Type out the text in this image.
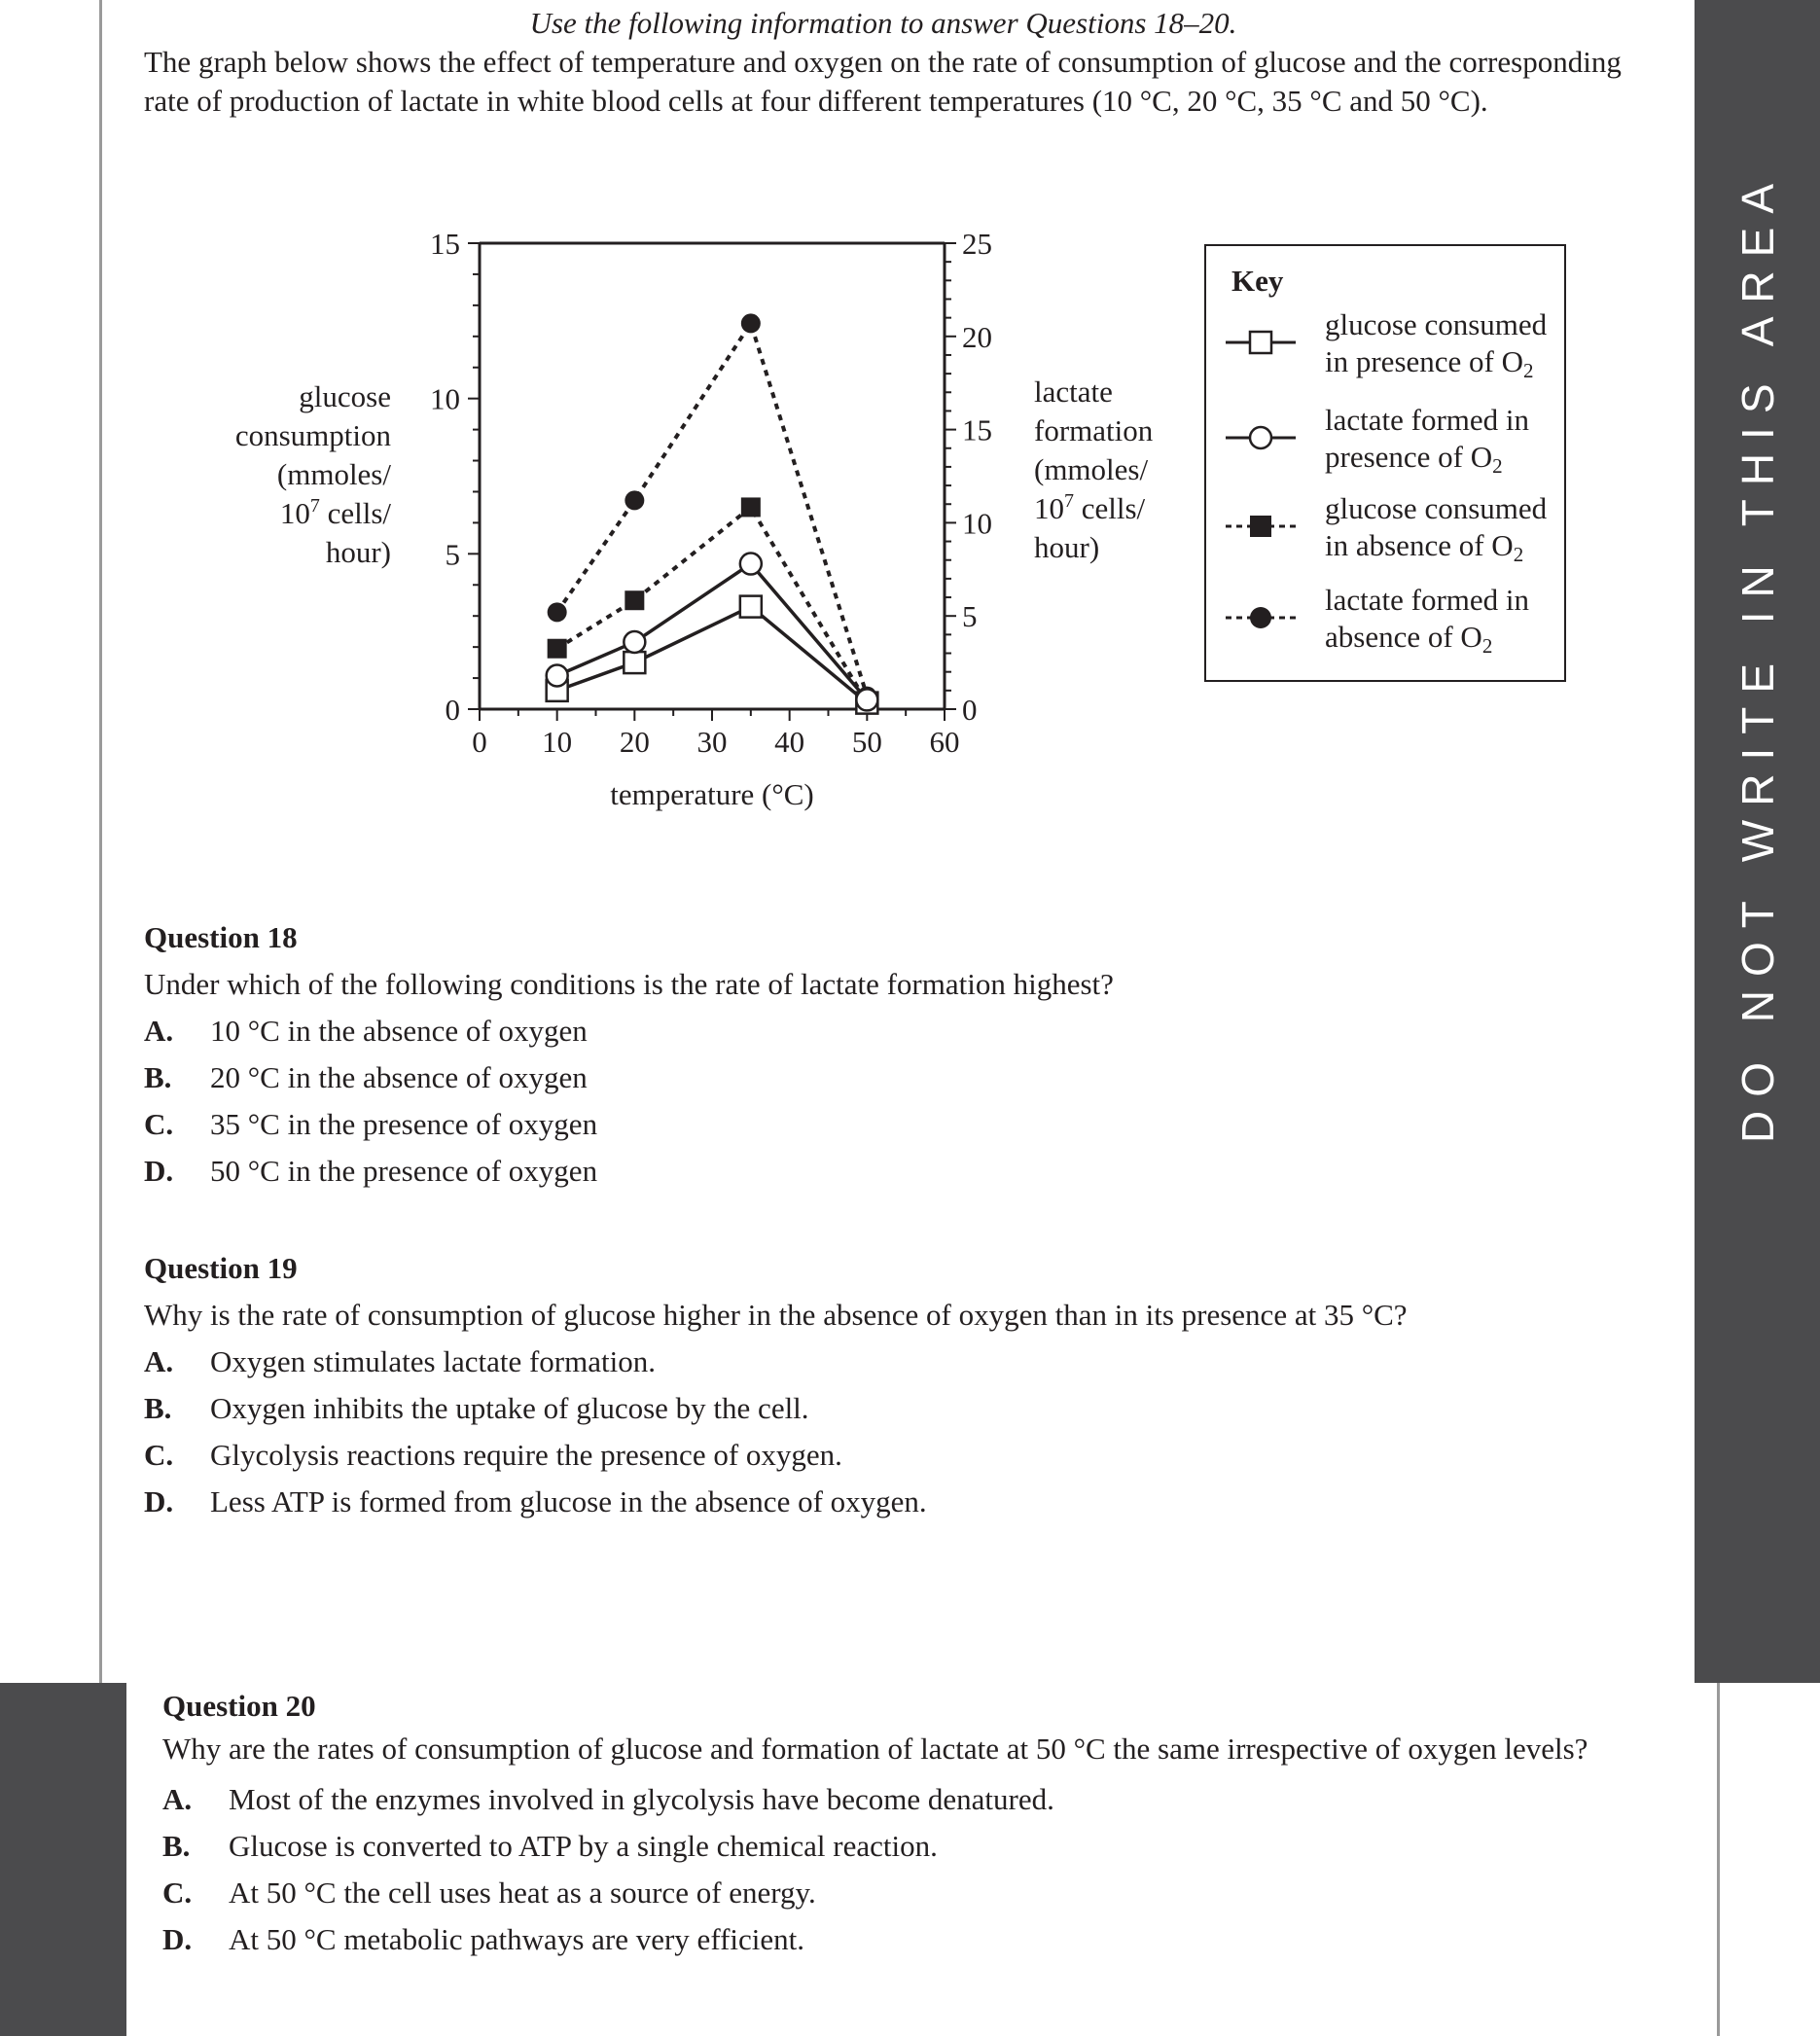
DO NOT WRITE IN THIS AREA

Use the following information to answer Questions 18–20.

The graph below shows the effect of temperature and oxygen on the rate of consumption of glucose and the corresponding rate of production of lactate in white blood cells at four different temperatures (10 °C, 20 °C, 35 °C and 50 °C).

0 10 20 30 40 50 60
0
5
10
15
0
5
10
15
20
25
temperature (°C)
glucose
consumption
(mmoles/
$10^7$ cells/
hour)
lactate
formation
(mmoles/
$10^7$ cells/
hour)
Key
glucose consumed in presence of $O_2$
lactate formed in presence of $O_2$
glucose consumed in absence of $O_2$
lactate formed in absence of $O_2$
Question 18
Under which of the following conditions is the rate of lactate formation highest?
A. 10 °C in the absence of oxygen
B. 20 °C in the absence of oxygen
C. 35 °C in the presence of oxygen
D. 50 °C in the presence of oxygen
Question 19
Why is the rate of consumption of glucose higher in the absence of oxygen than in its presence at 35 °C?
A. Oxygen stimulates lactate formation.
B. Oxygen inhibits the uptake of glucose by the cell.
C. Glycolysis reactions require the presence of oxygen.
D. Less ATP is formed from glucose in the absence of oxygen.
Question 20
Why are the rates of consumption of glucose and formation of lactate at 50 °C the same irrespective of oxygen levels?
A. Most of the enzymes involved in glycolysis have become denatured.
B. Glucose is converted to ATP by a single chemical reaction.
C. At 50 °C the cell uses heat as a source of energy.
D. At 50 °C metabolic pathways are very efficient.
